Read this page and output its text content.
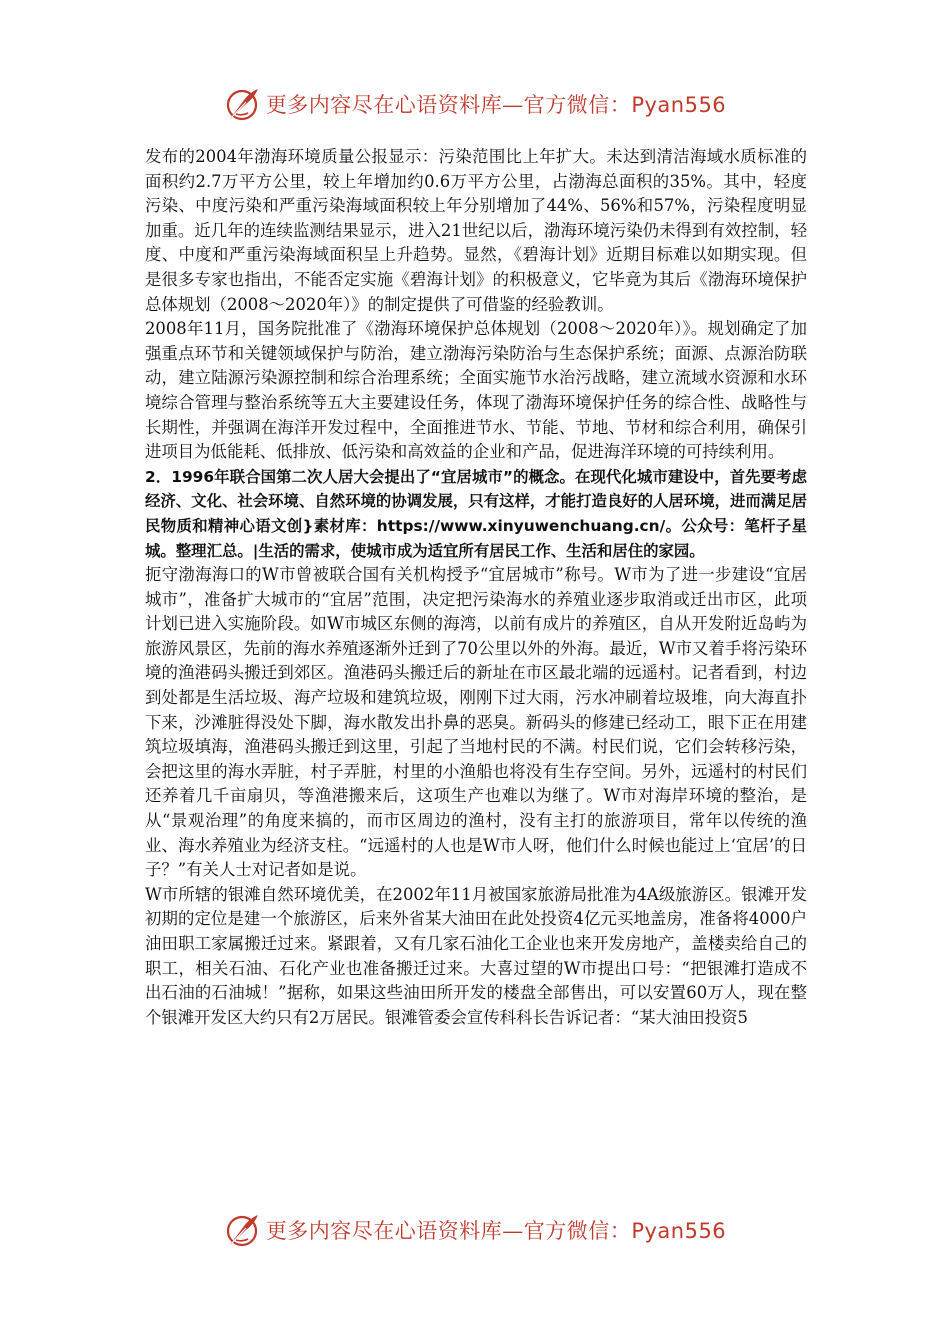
更多内容尽在心语资料库—官方微信：Pyan556

发布的2004年渤海环境质量公报显示：污染范围比上年扩大。未达到清洁海域水质标准的面积约2.7万平方公里，较上年增加约0.6万平方公里，占渤海总面积的35%。其中，轻度污染、中度污染和严重污染海域面积较上年分别增加了44%、56%和57%，污染程度明显加重。近几年的连续监测结果显示，进入21世纪以后，渤海环境污染仍未得到有效控制，轻度、中度和严重污染海域面积呈上升趋势。显然，《碧海计划》近期目标难以如期实现。但是很多专家也指出，不能否定实施《碧海计划》的积极意义，它毕竟为其后《渤海环境保护总体规划（2008～2020年）》的制定提供了可借鉴的经验教训。

2008年11月，国务院批准了《渤海环境保护总体规划（2008～2020年）》。规划确定了加强重点环节和关键领域保护与防治，建立渤海污染防治与生态保护系统；面源、点源治防联动，建立陆源污染源控制和综合治理系统；全面实施节水治污战略，建立流域水资源和水环境综合管理与整治系统等五大主要建设任务，体现了渤海环境保护任务的综合性、战略性与长期性，并强调在海洋开发过程中，全面推进节水、节能、节地、节材和综合利用，确保引进项目为低能耗、低排放、低污染和高效益的企业和产品，促进海洋环境的可持续利用。

2．1996年联合国第二次人居大会提出了“宜居城市”的概念。在现代化城市建设中，首先要考虑经济、文化、社会环境、自然环境的协调发展，只有这样，才能打造良好的人居环境，进而满足居民物质和精神心语文创}素材库：https://www.xinyuwenchuang.cn/。公众号：笔杆子星城。整理汇总。|生活的需求，使城市成为适宜所有居民工作、生活和居住的家园。

扼守渤海海口的W市曾被联合国有关机构授予“宜居城市”称号。W市为了进一步建设“宜居城市”，准备扩大城市的“宜居”范围，决定把污染海水的养殖业逐步取消或迁出市区，此项计划已进入实施阶段。如W市城区东侧的海湾，以前有成片的养殖区，自从开发附近岛屿为旅游风景区，先前的海水养殖逐渐外迁到了70公里以外的外海。最近，W市又着手将污染环境的渔港码头搬迁到郊区。渔港码头搬迁后的新址在市区最北端的远遥村。记者看到，村边到处都是生活垃圾、海产垃圾和建筑垃圾，刚刚下过大雨，污水冲刷着垃圾堆，向大海直扑下来，沙滩脏得没处下脚，海水散发出扑鼻的恶臭。新码头的修建已经动工，眼下正在用建筑垃圾填海，渔港码头搬迁到这里，引起了当地村民的不满。村民们说，它们会转移污染，会把这里的海水弄脏，村子弄脏，村里的小渔船也将没有生存空间。另外，远遥村的村民们还养着几千亩扇贝，等渔港搬来后，这项生产也难以为继了。W市对海岸环境的整治，是从“景观治理”的角度来搞的，而市区周边的渔村，没有主打的旅游项目，常年以传统的渔业、海水养殖业为经济支柱。“远遥村的人也是W市人呀，他们什么时候也能过上‘宜居’的日子？”有关人士对记者如是说。

W市所辖的银滩自然环境优美，在2002年11月被国家旅游局批准为4A级旅游区。银滩开发初期的定位是建一个旅游区，后来外省某大油田在此处投资4亿元买地盖房，准备将4000户油田职工家属搬迁过来。紧跟着，又有几家石油化工企业也来开发房地产，盖楼卖给自己的职工，相关石油、石化产业也准备搬迁过来。大喜过望的W市提出口号：“把银滩打造成不出石油的石油城！”据称，如果这些油田所开发的楼盘全部售出，可以安置60万人，现在整个银滩开发区大约只有2万居民。银滩管委会宣传科科长告诉记者：“某大油田投资5

更多内容尽在心语资料库—官方微信：Pyan556
